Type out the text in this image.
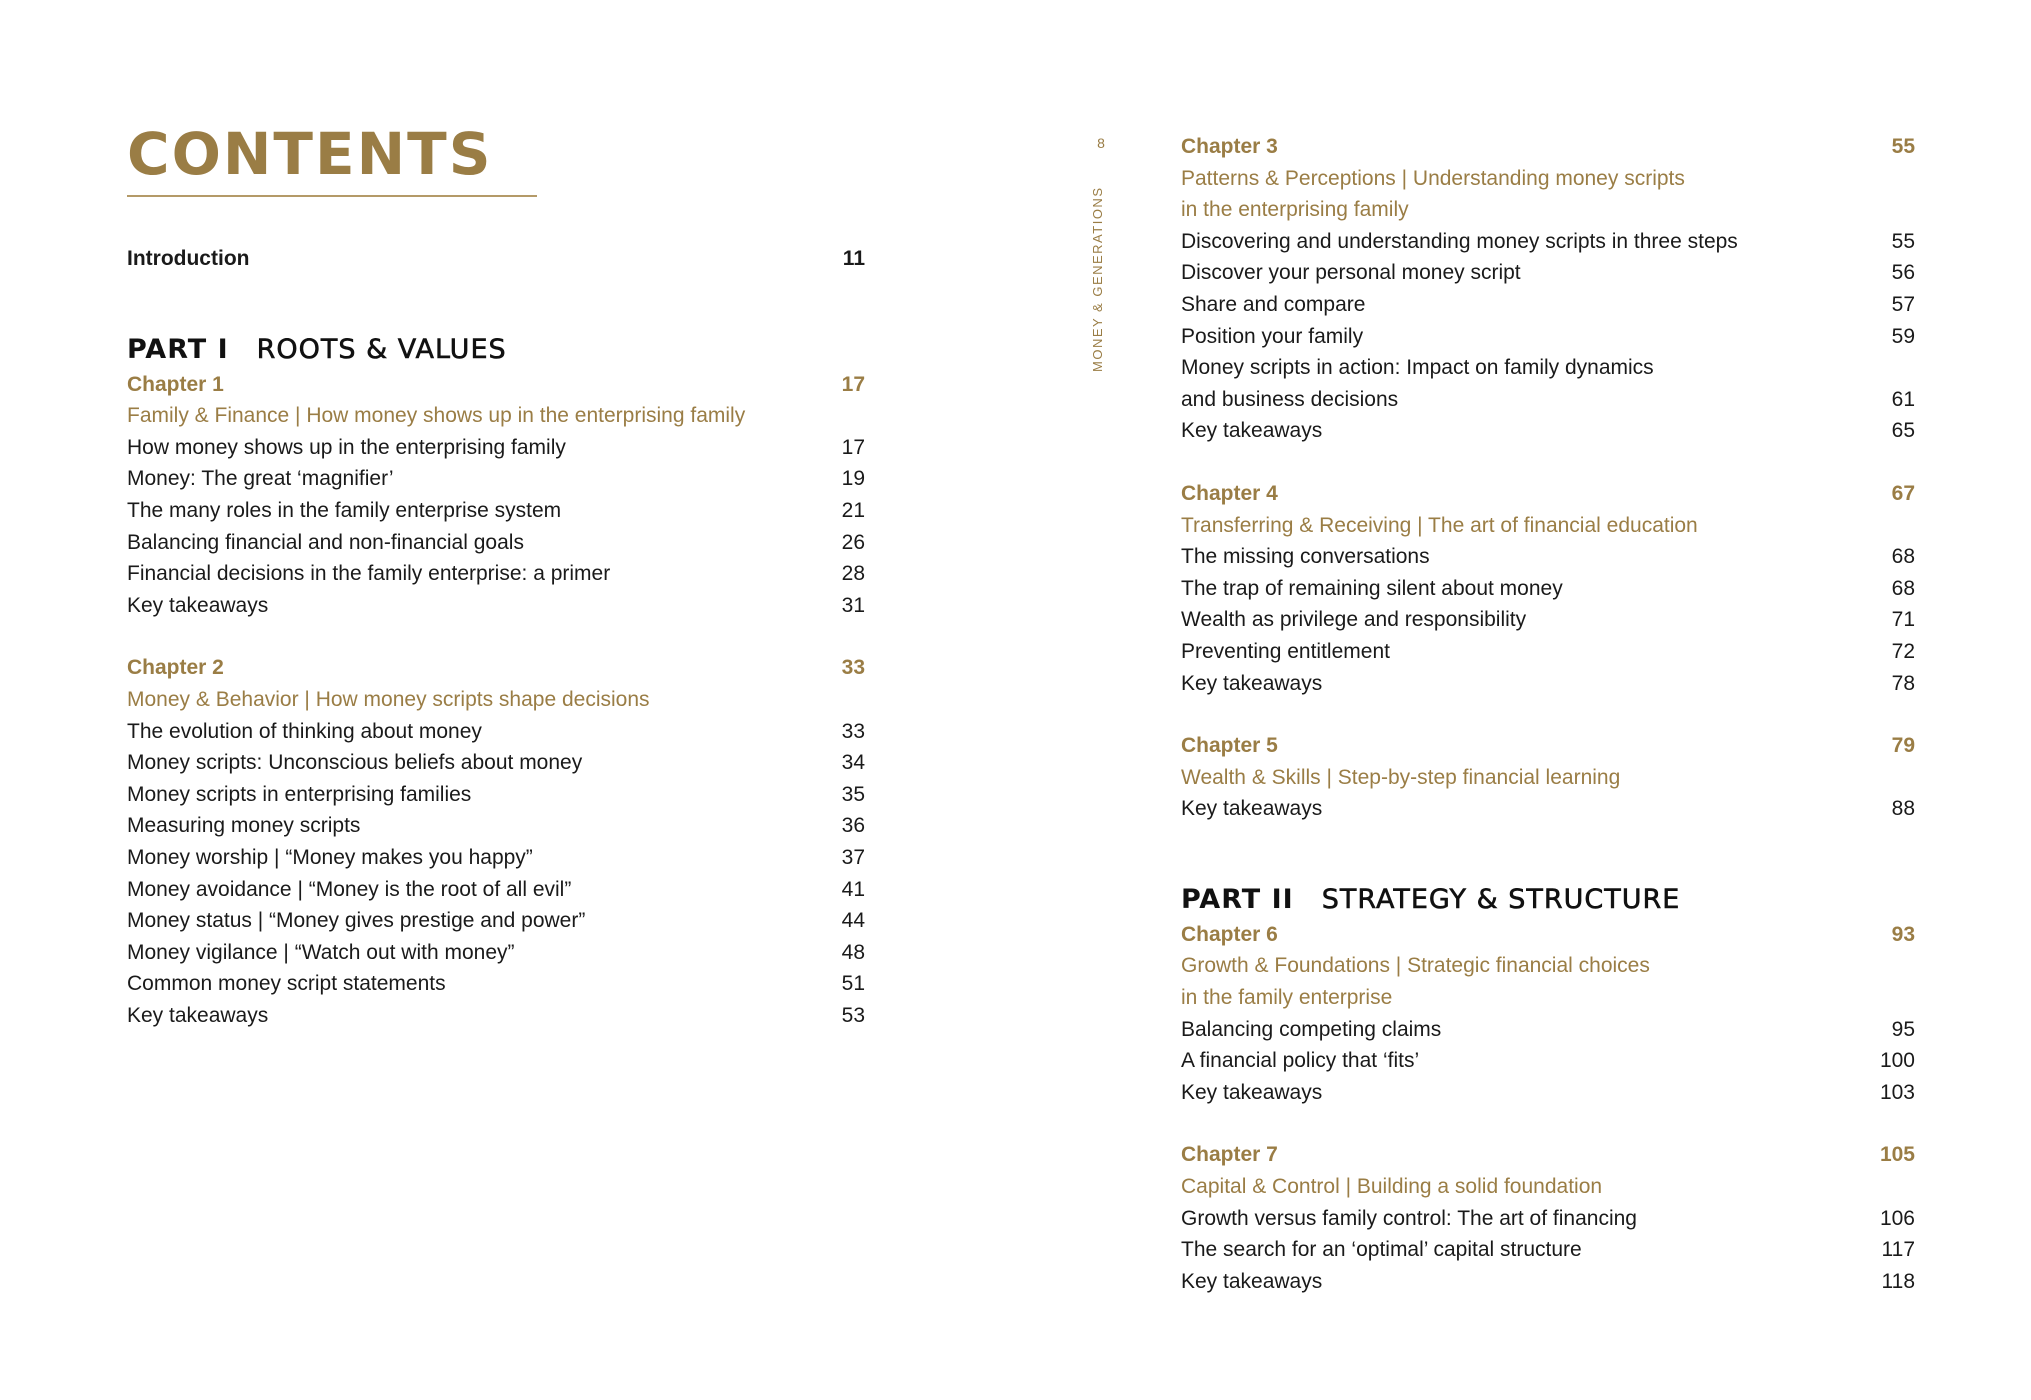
CONTENTS
Introduction	11
PART I ROOTS & VALUES
Chapter 1	17
Family & Finance | How money shows up in the enterprising family
How money shows up in the enterprising family	17
Money: The great ‘magnifier’	19
The many roles in the family enterprise system	21
Balancing financial and non-financial goals	26
Financial decisions in the family enterprise: a primer	28
Key takeaways	31
Chapter 2	33
Money & Behavior | How money scripts shape decisions
The evolution of thinking about money	33
Money scripts: Unconscious beliefs about money	34
Money scripts in enterprising families	35
Measuring money scripts	36
Money worship | “Money makes you happy”	37
Money avoidance | “Money is the root of all evil”	41
Money status | “Money gives prestige and power”	44
Money vigilance | “Watch out with money”	48
Common money script statements	51
Key takeaways	53
8
MONEY & GENERATIONS
Chapter 3	55
Patterns & Perceptions | Understanding money scripts
in the enterprising family
Discovering and understanding money scripts in three steps	55
Discover your personal money script	56
Share and compare	57
Position your family	59
Money scripts in action: Impact on family dynamics
and business decisions	61
Key takeaways	65
Chapter 4	67
Transferring & Receiving | The art of financial education
The missing conversations	68
The trap of remaining silent about money	68
Wealth as privilege and responsibility	71
Preventing entitlement	72
Key takeaways	78
Chapter 5	79
Wealth & Skills | Step-by-step financial learning
Key takeaways	88
PART II STRATEGY & STRUCTURE
Chapter 6	93
Growth & Foundations | Strategic financial choices
in the family enterprise
Balancing competing claims	95
A financial policy that ‘fits’	100
Key takeaways	103
Chapter 7	105
Capital & Control | Building a solid foundation
Growth versus family control: The art of financing	106
The search for an ‘optimal’ capital structure	117
Key takeaways	118
